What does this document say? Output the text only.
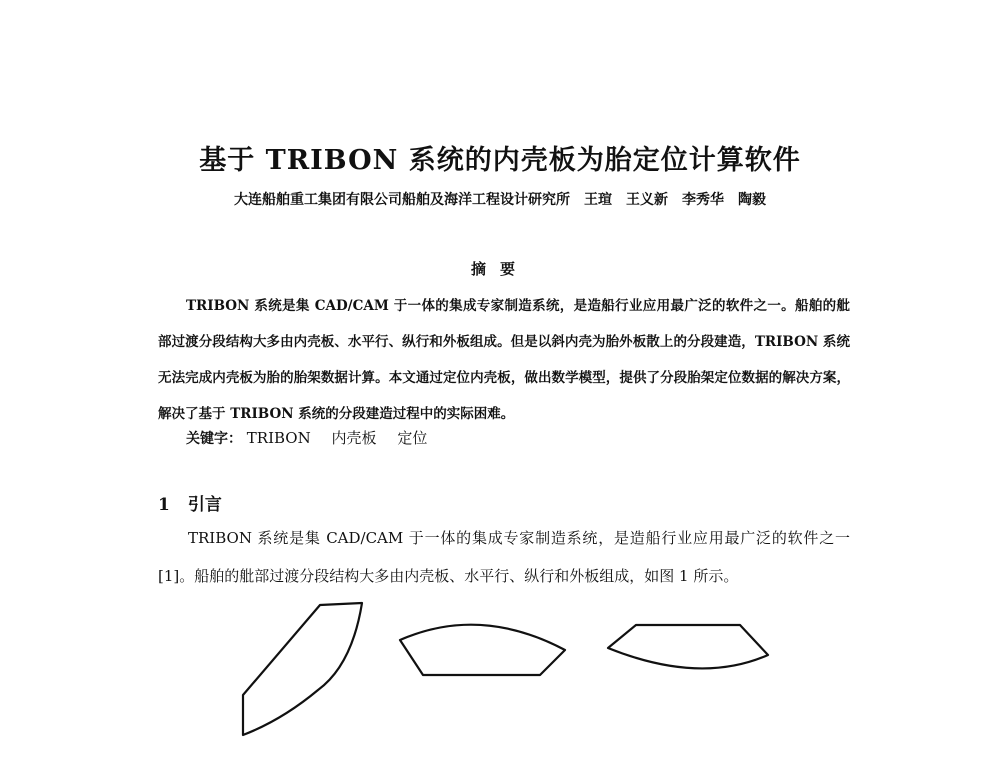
基于 TRIBON 系统的内壳板为胎定位计算软件
大连船舶重工集团有限公司船舶及海洋工程设计研究所　王瑄　王义新　李秀华　陶毅
摘要

TRIBON 系统是集 CAD/CAM 于一体的集成专家制造系统，是造船行业应用最广泛的软件之一。船舶的舭部过渡分段结构大多由内壳板、水平行、纵行和外板组成。但是以斜内壳为胎外板散上的分段建造，TRIBON 系统无法完成内壳板为胎的胎架数据计算。本文通过定位内壳板，做出数学模型，提供了分段胎架定位数据的解决方案，解决了基于 TRIBON 系统的分段建造过程中的实际困难。

关键字： TRIBON 内壳板 定位
1 引言

TRIBON 系统是集 CAD/CAM 于一体的集成专家制造系统，是造船行业应用最广泛的软件之一[1]。船舶的舭部过渡分段结构大多由内壳板、水平行、纵行和外板组成，如图 1 所示。
